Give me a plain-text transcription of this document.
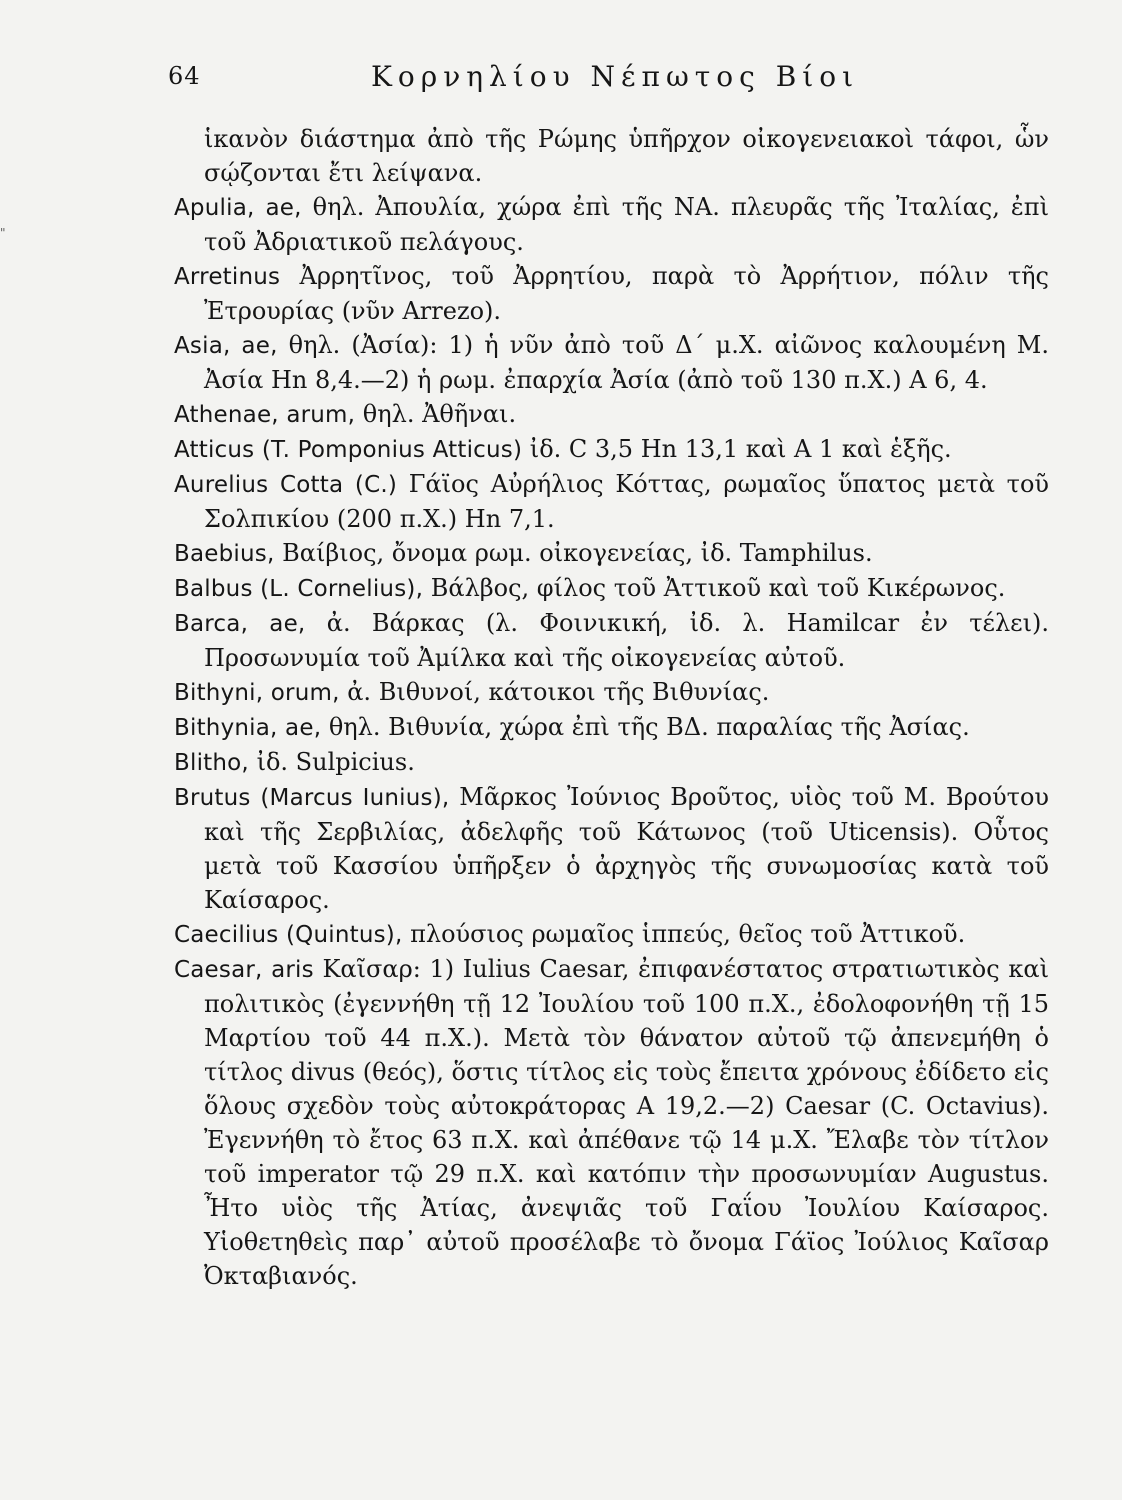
64	Κορνηλίου Νέπωτος Βίοι
"

ἱκανὸν διάστημα ἀπὸ τῆς Ρώμης ὑπῆρχον οἰκογενειακοὶ τάφοι, ὧν σῴζονται ἔτι λείψανα.

Apulia, ae, θηλ. Ἀπουλία, χώρα ἐπὶ τῆς ΝΑ. πλευρᾶς τῆς Ἰταλίας, ἐπὶ τοῦ Ἀδριατικοῦ πελάγους.

Arretinus Ἀρρητῖνος, τοῦ Ἀρρητίου, παρὰ τὸ Ἀρρήτιον, πόλιν τῆς Ἐτρουρίας (νῦν Arrezo).

Asia, ae, θηλ. (Ἀσία): 1) ἡ νῦν ἀπὸ τοῦ Δ´ μ.Χ. αἰῶνος καλουμένη Μ. Ἀσία Hn 8,4.—2) ἡ ρωμ. ἐπαρχία Ἀσία (ἀπὸ τοῦ 130 π.Χ.) A 6, 4.

Athenae, arum, θηλ. Ἀθῆναι.

Atticus (T. Pomponius Atticus) ἰδ. C 3,5 Hn 13,1 καὶ A 1 καὶ ἑξῆς.

Aurelius Cotta (C.) Γάϊος Αὐρήλιος Κόττας, ρωμαῖος ὕπατος μετὰ τοῦ Σολπικίου (200 π.Χ.) Hn 7,1.

Baebius, Βαίβιος, ὄνομα ρωμ. οἰκογενείας, ἰδ. Tamphilus.

Balbus (L. Cornelius), Βάλβος, φίλος τοῦ Ἀττικοῦ καὶ τοῦ Κικέρωνος.

Barca, ae, ἀ. Βάρκας (λ. Φοινικική, ἰδ. λ. Hamilcar ἐν τέλει). Προσωνυμία τοῦ Ἀμίλκα καὶ τῆς οἰκογενείας αὐτοῦ.

Bithyni, orum, ἀ. Βιθυνοί, κάτοικοι τῆς Βιθυνίας.

Bithynia, ae, θηλ. Βιθυνία, χώρα ἐπὶ τῆς ΒΔ. παραλίας τῆς Ἀσίας.

Blitho, ἰδ. Sulpicius.

Brutus (Marcus Iunius), Μᾶρκος Ἰούνιος Βροῦτος, υἱὸς τοῦ Μ. Βρούτου καὶ τῆς Σερβιλίας, ἀδελφῆς τοῦ Κάτωνος (τοῦ Uticensis). Οὗτος μετὰ τοῦ Κασσίου ὑπῆρξεν ὁ ἀρχηγὸς τῆς συνωμοσίας κατὰ τοῦ Καίσαρος.

Caecilius (Quintus), πλούσιος ρωμαῖος ἱππεύς, θεῖος τοῦ Ἀττικοῦ.

Caesar, aris Καῖσαρ: 1) Iulius Caesar, ἐπιφανέστατος στρατιωτικὸς καὶ πολιτικὸς (ἐγεννήθη τῇ 12 Ἰουλίου τοῦ 100 π.Χ., ἐδολοφονήθη τῇ 15 Μαρτίου τοῦ 44 π.Χ.). Μετὰ τὸν θάνατον αὐτοῦ τῷ ἀπενεμήθη ὁ τίτλος divus (θεός), ὅστις τίτλος εἰς τοὺς ἔπειτα χρόνους ἐδίδετο εἰς ὅλους σχεδὸν τοὺς αὐτοκράτορας A 19,2.—2) Caesar (C. Octavius). Ἐγεννήθη τὸ ἔτος 63 π.Χ. καὶ ἀπέθανε τῷ 14 μ.Χ. Ἔλαβε τὸν τίτλον τοῦ imperator τῷ 29 π.Χ. καὶ κατόπιν τὴν προσωνυμίαν Augustus. Ἦτο υἱὸς τῆς Ἀτίας, ἀνεψιᾶς τοῦ Γαΐου Ἰουλίου Καίσαρος. Υἱοθετηθεὶς παρ᾽ αὐτοῦ προσέλαβε τὸ ὄνομα Γάϊος Ἰούλιος Καῖσαρ Ὀκταβιανός.
